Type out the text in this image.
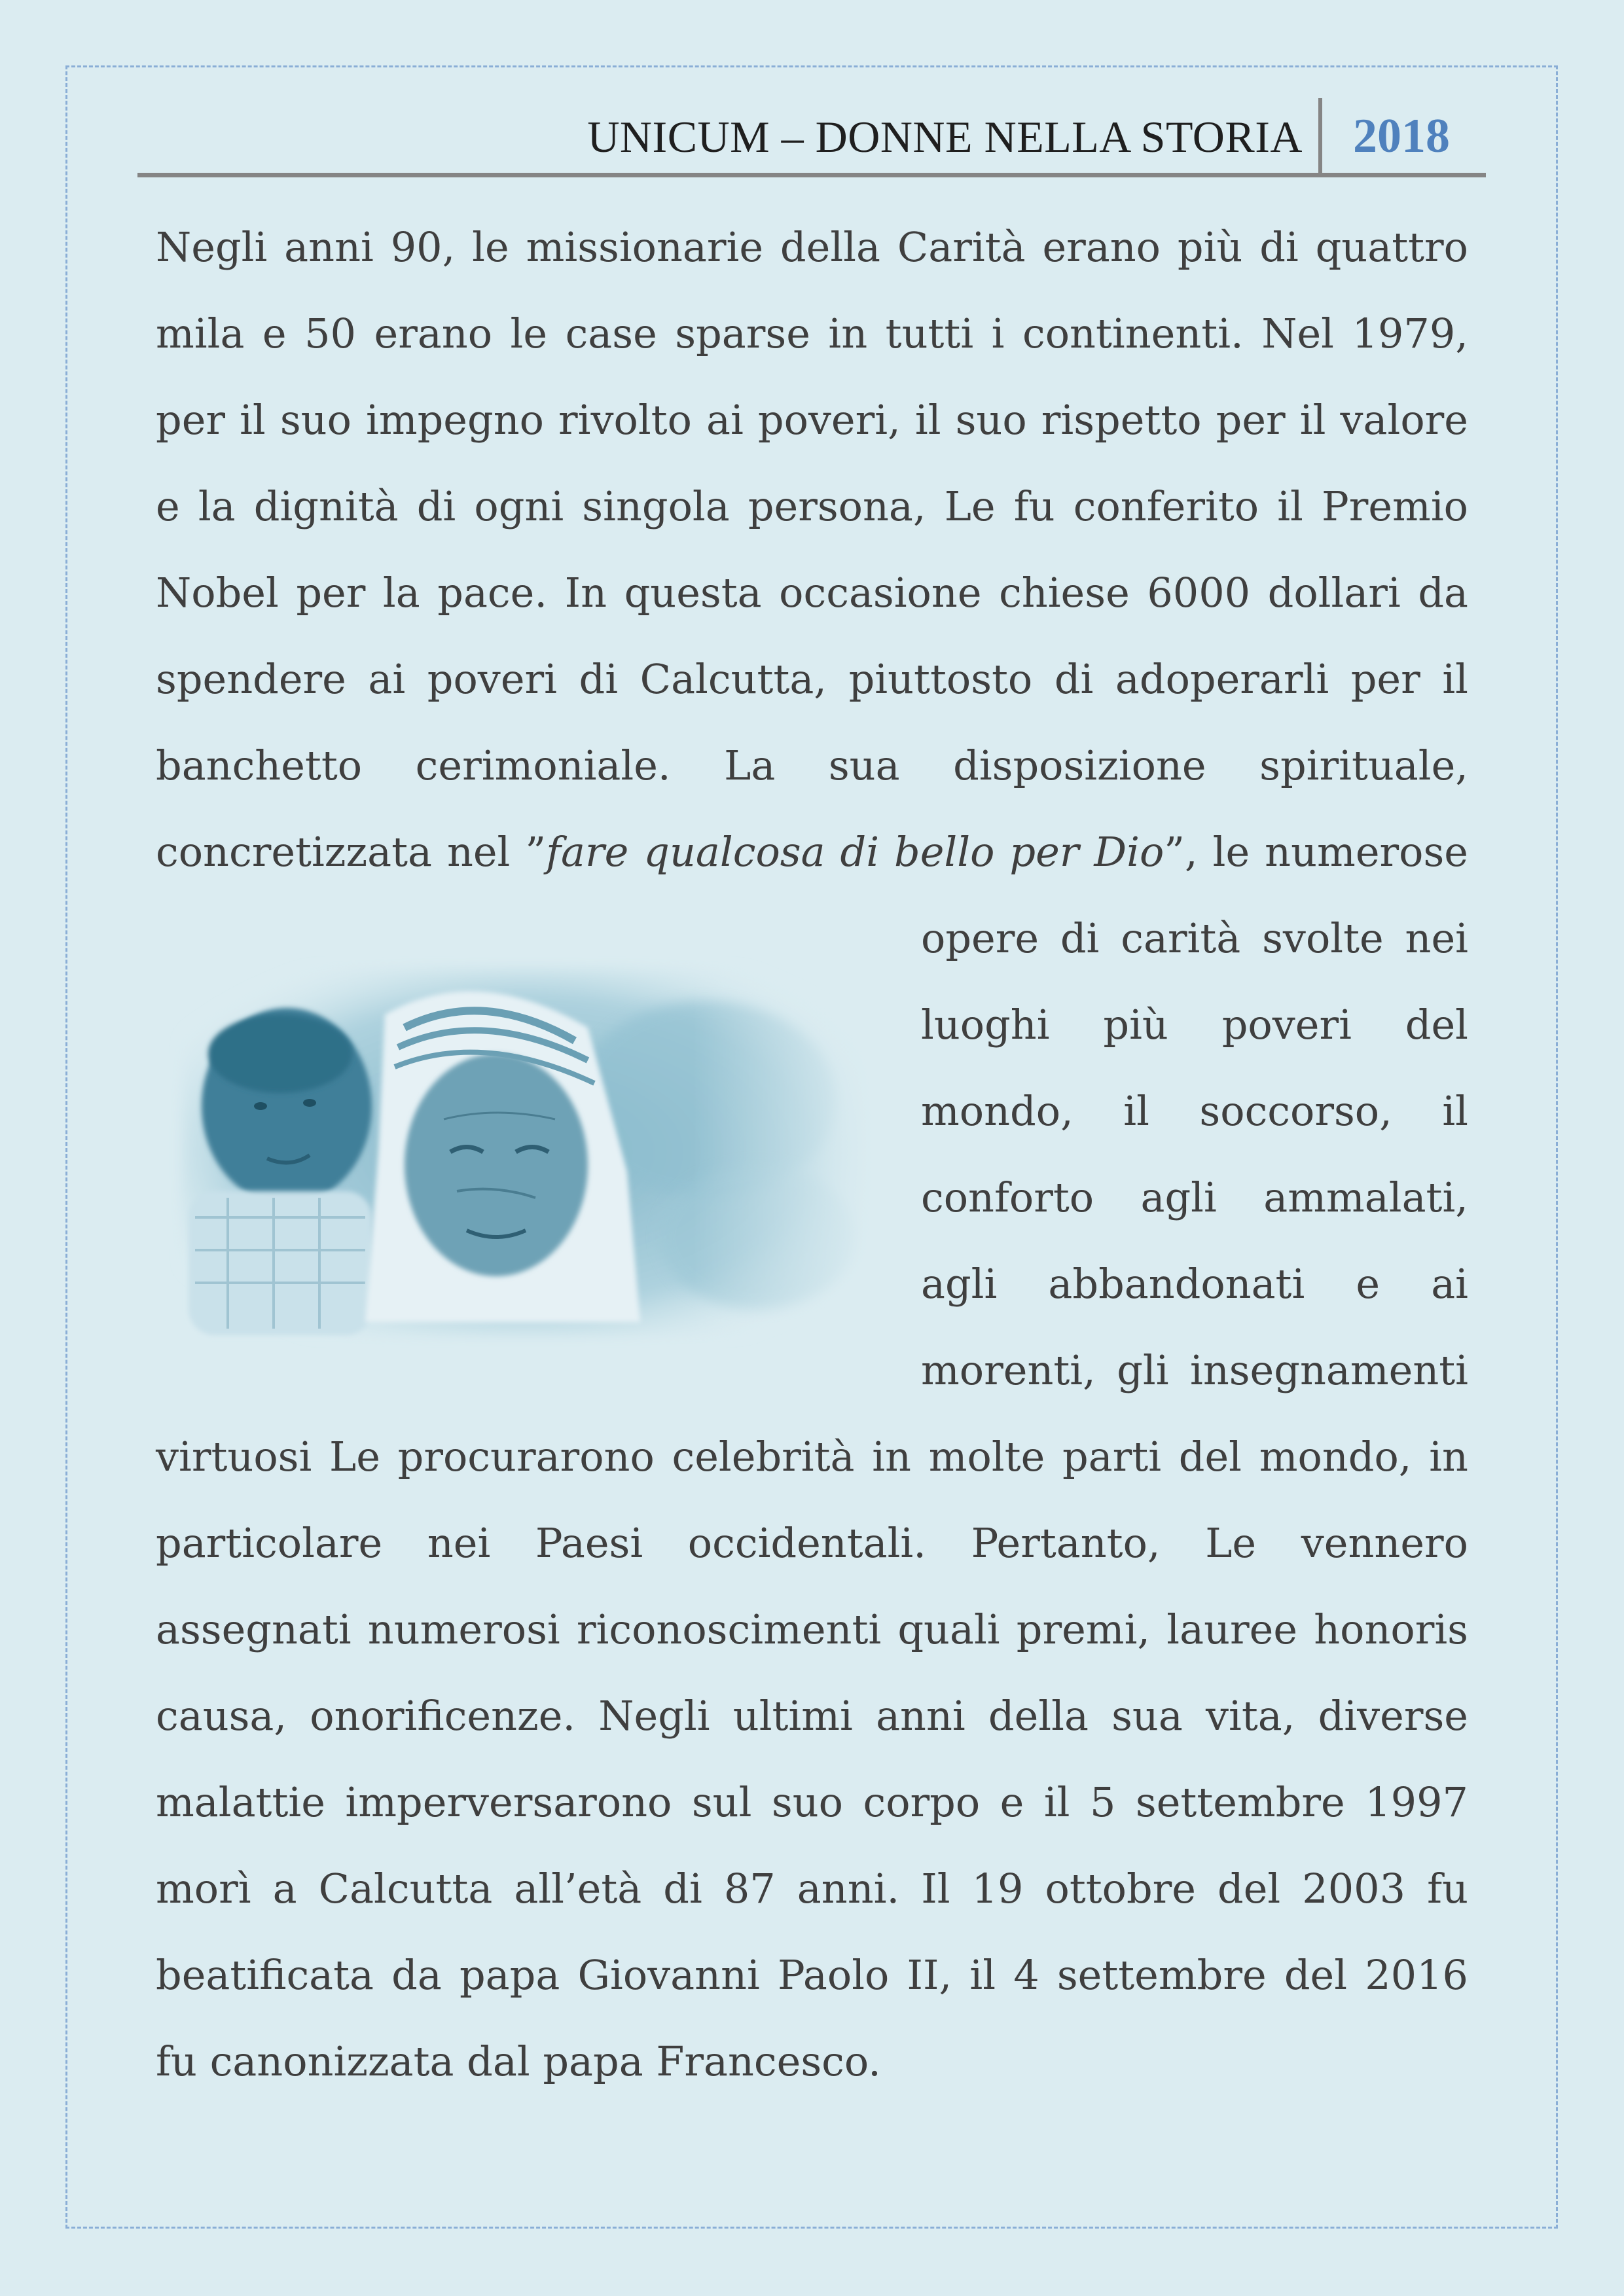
UNICUM – DONNE NELLA STORIA 2018
Negli anni 90, le missionarie della Carità erano più di quattro
mila e 50 erano le case sparse in tutti i continenti. Nel 1979,
per il suo impegno rivolto ai poveri, il suo rispetto per il valore
e la dignità di ogni singola persona, Le fu conferito il Premio
Nobel per la pace. In questa occasione chiese 6000 dollari da
spendere ai poveri di Calcutta, piuttosto di adoperarli per il
banchetto cerimoniale. La sua disposizione spirituale,
concretizzata nel ”fare qualcosa di bello per Dio”, le numerose
opere di carità svolte nei
luoghi più poveri del
mondo, il soccorso, il
conforto agli ammalati,
agli abbandonati e ai
morenti, gli insegnamenti
virtuosi Le procurarono celebrità in molte parti del mondo, in
particolare nei Paesi occidentali. Pertanto, Le vennero
assegnati numerosi riconoscimenti quali premi, lauree honoris
causa, onorificenze. Negli ultimi anni della sua vita, diverse
malattie imperversarono sul suo corpo e il 5 settembre 1997
morì a Calcutta all’età di 87 anni. Il 19 ottobre del 2003 fu
beatificata da papa Giovanni Paolo II, il 4 settembre del 2016
fu canonizzata dal papa Francesco.
